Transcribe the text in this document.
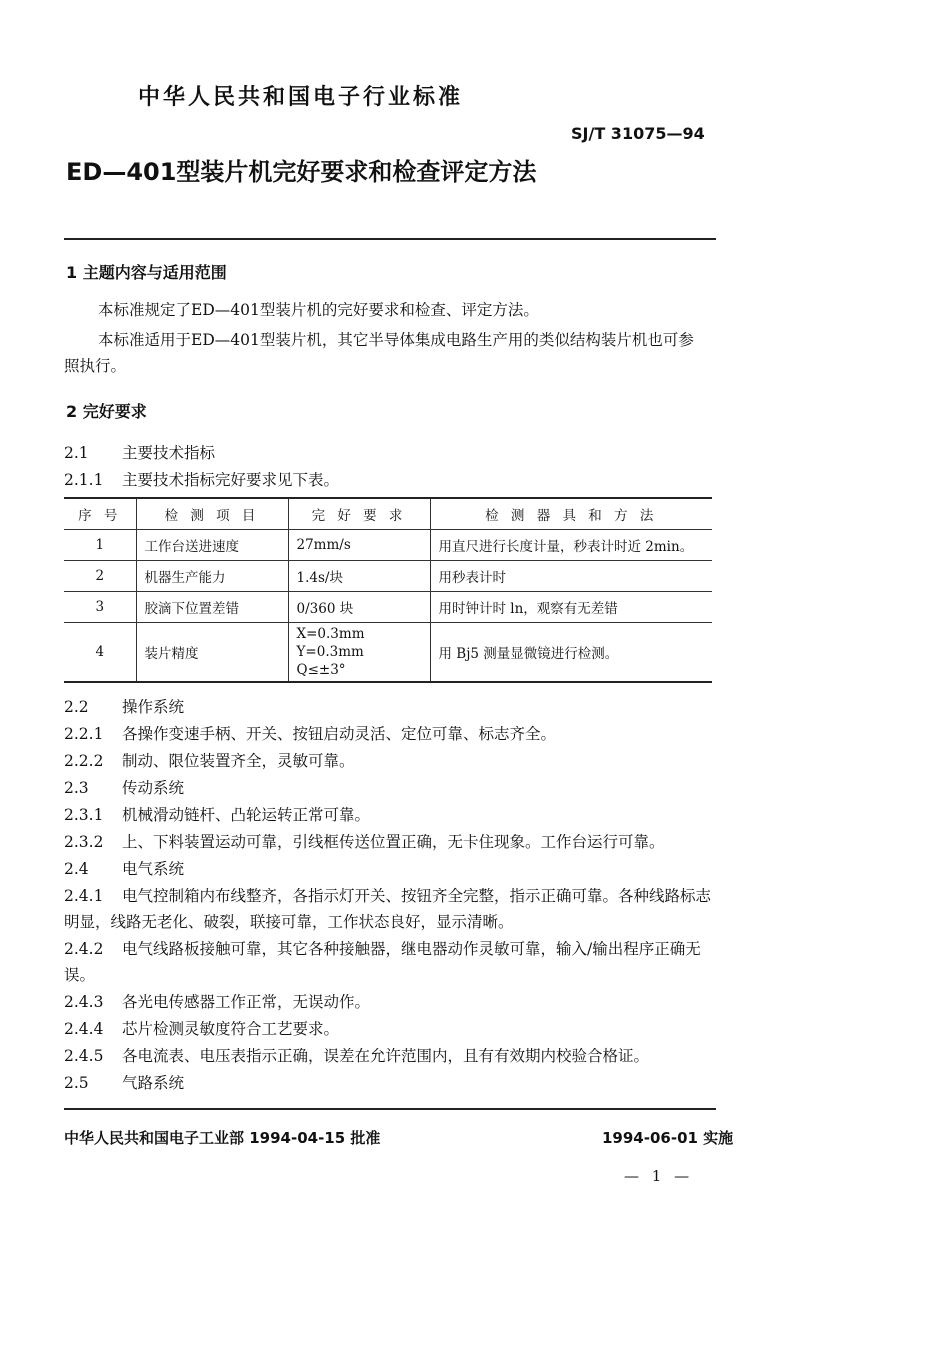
中华人民共和国电子行业标准
SJ/T 31075—94
ED—401型装片机完好要求和检查评定方法
1 主题内容与适用范围
本标准规定了ED—401型装片机的完好要求和检查、评定方法。
本标准适用于ED—401型装片机，其它半导体集成电路生产用的类似结构装片机也可参
照执行。
2 完好要求
2.1 主要技术指标
2.1.1 主要技术指标完好要求见下表。
序 号	检 测 项 目	完 好 要 求	检 测 器 具 和 方 法
1	工作台送进速度	27mm/s	用直尺进行长度计量，秒表计时近 2min。
2	机器生产能力	1.4s/块	用秒表计时
3	胶滴下位置差错	0/360 块	用时钟计时 ln，观察有无差错
4	装片精度	X=0.3mm
Y=0.3mm
Q≤±3°	用 Bj5 测量显微镜进行检测。
2.2 操作系统
2.2.1 各操作变速手柄、开关、按钮启动灵活、定位可靠、标志齐全。
2.2.2 制动、限位装置齐全，灵敏可靠。
2.3 传动系统
2.3.1 机械滑动链杆、凸轮运转正常可靠。
2.3.2 上、下料装置运动可靠，引线框传送位置正确，无卡住现象。工作台运行可靠。
2.4 电气系统
2.4.1 电气控制箱内布线整齐，各指示灯开关、按钮齐全完整，指示正确可靠。各种线路标志
明显，线路无老化、破裂，联接可靠，工作状态良好，显示清晰。
2.4.2 电气线路板接触可靠，其它各种接触器，继电器动作灵敏可靠，输入/输出程序正确无
误。
2.4.3 各光电传感器工作正常，无误动作。
2.4.4 芯片检测灵敏度符合工艺要求。
2.4.5 各电流表、电压表指示正确，误差在允许范围内，且有有效期内校验合格证。
2.5 气路系统
中华人民共和国电子工业部 1994-04-15 批准	1994-06-01 实施
— 1 —
